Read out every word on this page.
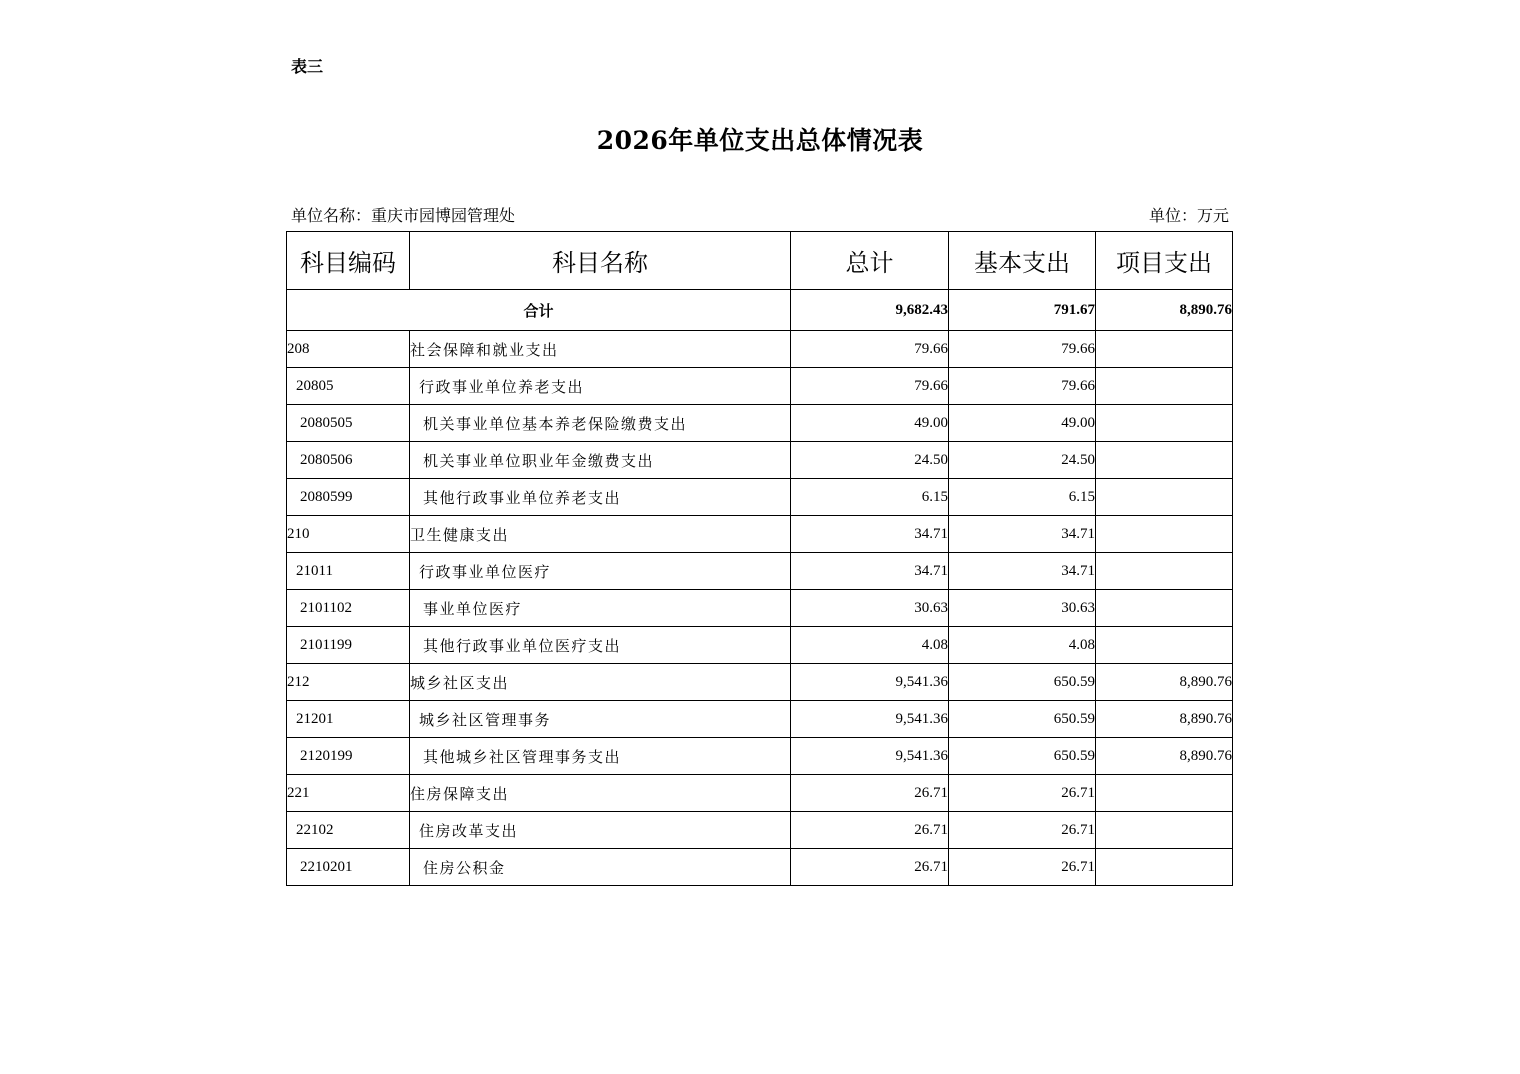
表三
2026年单位支出总体情况表
单位名称：重庆市园博园管理处	单位：万元
科目编码	科目名称	总计	基本支出	项目支出
合计		9,682.43	791.67	8,890.76
208	社会保障和就业支出	79.66	79.66	
20805	行政事业单位养老支出	79.66	79.66	
2080505	机关事业单位基本养老保险缴费支出	49.00	49.00	
2080506	机关事业单位职业年金缴费支出	24.50	24.50	
2080599	其他行政事业单位养老支出	6.15	6.15	
210	卫生健康支出	34.71	34.71	
21011	行政事业单位医疗	34.71	34.71	
2101102	事业单位医疗	30.63	30.63	
2101199	其他行政事业单位医疗支出	4.08	4.08	
212	城乡社区支出	9,541.36	650.59	8,890.76
21201	城乡社区管理事务	9,541.36	650.59	8,890.76
2120199	其他城乡社区管理事务支出	9,541.36	650.59	8,890.76
221	住房保障支出	26.71	26.71	
22102	住房改革支出	26.71	26.71	
2210201	住房公积金	26.71	26.71	
